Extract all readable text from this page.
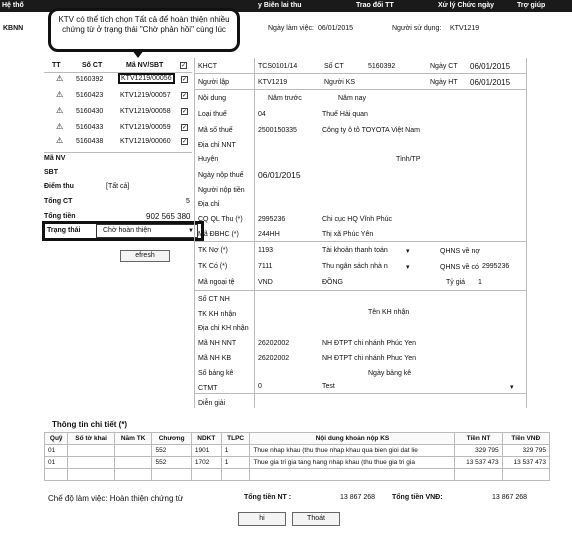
Hệ thố	y Biên lai thu	Trao đổi TT	Xử lý Chức ngày	Trợ giúp
KBNN	Ngày làm việc: 06/01/2015	Người sử dụng: KTV1219
KTV có thể tích chọn Tất cả để hoàn thiện nhiều chứng từ ở trạng thái "Chờ phản hồi" cùng lúc
TT	Số CT	Mã NV/SBT	✓
⚠ 5160392	KTV1219/00056	✓
⚠ 5160423 KTV1219/00057 ✓
⚠ 5160430 KTV1219/00058 ✓
⚠ 5160433 KTV1219/00059 ✓
⚠ 5160438 KTV1219/00060 ✓
Mã NV
SBT
Điểm thu	[Tất cả]
Tổng CT	5
Tổng tiền	902 565 380
Trạng thái	Chờ hoàn thiện	▼
efresh
KHCT	TCS0101/14	Số CT	5160392	Ngày CT 06/01/2015
Người lập	KTV1219	Người KS	Ngày HT 06/01/2015
Nội dung	Năm trước	Năm nay
Loại thuế	04	Thuế Hải quan
Mã số thuế	2500150335	Công ty ô tô TOYOTA Việt Nam
Địa chỉ NNT
Huyện	Tỉnh/TP
Ngày nộp thuế 06/01/2015
Người nộp tiền
Địa chỉ
CQ QL Thu (*) 2995236	Chi cục HQ Vĩnh Phúc
Mã ĐBHC (*)	244HH	Thị xã Phúc Yên
TK Nợ (*)	1193	Tài khoản thanh toán	▾	QHNS về nợ
TK Có (*)	7111	Thu ngân sách nhà n	▾	QHNS về có 2995236
Mã ngoại tệ	VND	ĐỒNG	Tỷ giá 1
Số CT NH
TK KH nhận	Tên KH nhận
Địa chỉ KH nhận
Mã NH NNT	26202002	NH ĐTPT chi nhánh Phúc Yen
Mã NH KB	26202002	NH ĐTPT chi nhánh Phuc Yen
Số bảng kê	Ngày bảng kê
CTMT	0	Test	▾
Diễn giải
Thông tin chi tiết (*)
Quỹ	Số tờ khai	Năm TK	Chương	NDKT	TLPC	Nội dung khoản nộp KS	Tiền NT	Tiền VNĐ
01			552	1901	1	Thue nhap khau (thu thue nhap khau qua bien gioi dat lie	329 795	329 795
01			552	1702	1	Thue gia tri gia tang hang nhap khau (thu thue gia tri gia	13 537 473	13 537 473

Chế độ làm việc: Hoàn thiện chứng từ	Tổng tiền NT :	13 867 268 Tổng tiền VNĐ:	13 867 268
hi	Thoát
